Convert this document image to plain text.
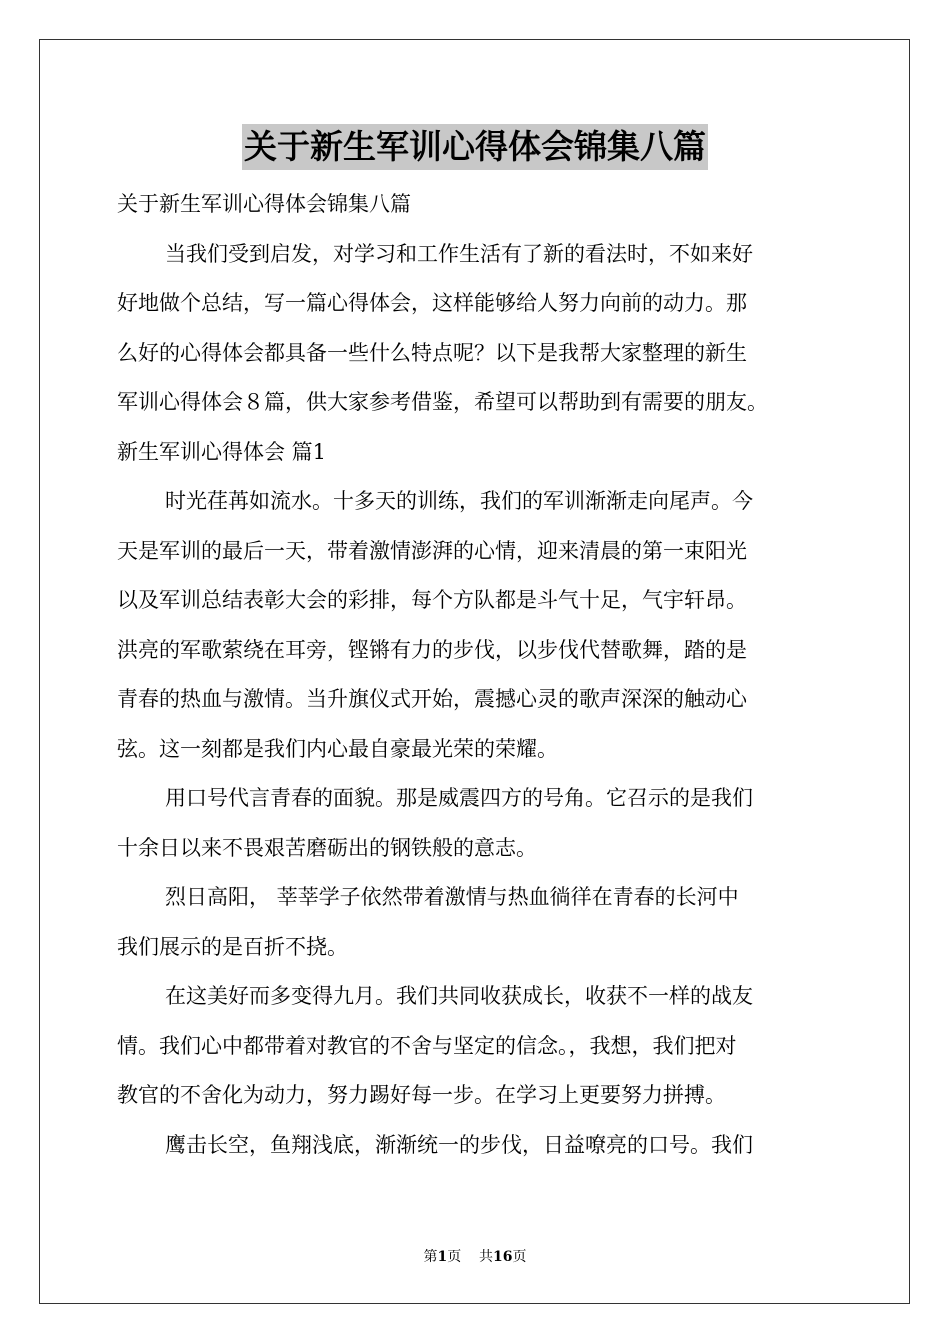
关于新生军训心得体会锦集八篇
关于新生军训心得体会锦集八篇
当我们受到启发，对学习和工作生活有了新的看法时，不如来好
好地做个总结，写一篇心得体会，这样能够给人努力向前的动力。那
么好的心得体会都具备一些什么特点呢？以下是我帮大家整理的新生
军训心得体会８篇，供大家参考借鉴，希望可以帮助到有需要的朋友。
新生军训心得体会 篇1
时光荏苒如流水。十多天的训练，我们的军训渐渐走向尾声。今
天是军训的最后一天，带着激情澎湃的心情，迎来清晨的第一束阳光
以及军训总结表彰大会的彩排，每个方队都是斗气十足，气宇轩昂。
洪亮的军歌萦绕在耳旁，铿锵有力的步伐，以步伐代替歌舞，踏的是
青春的热血与激情。当升旗仪式开始，震撼心灵的歌声深深的触动心
弦。这一刻都是我们内心最自豪最光荣的荣耀。
用口号代言青春的面貌。那是威震四方的号角。它召示的是我们
十余日以来不畏艰苦磨砺出的钢铁般的意志。
烈日高阳， 莘莘学子依然带着激情与热血徜徉在青春的长河中
我们展示的是百折不挠。
在这美好而多变得九月。我们共同收获成长，收获不一样的战友
情。我们心中都带着对教官的不舍与坚定的信念。，我想，我们把对
教官的不舍化为动力，努力踢好每一步。在学习上更要努力拼搏。
鹰击长空，鱼翔浅底，渐渐统一的步伐，日益嘹亮的口号。我们
第1页 共16页
